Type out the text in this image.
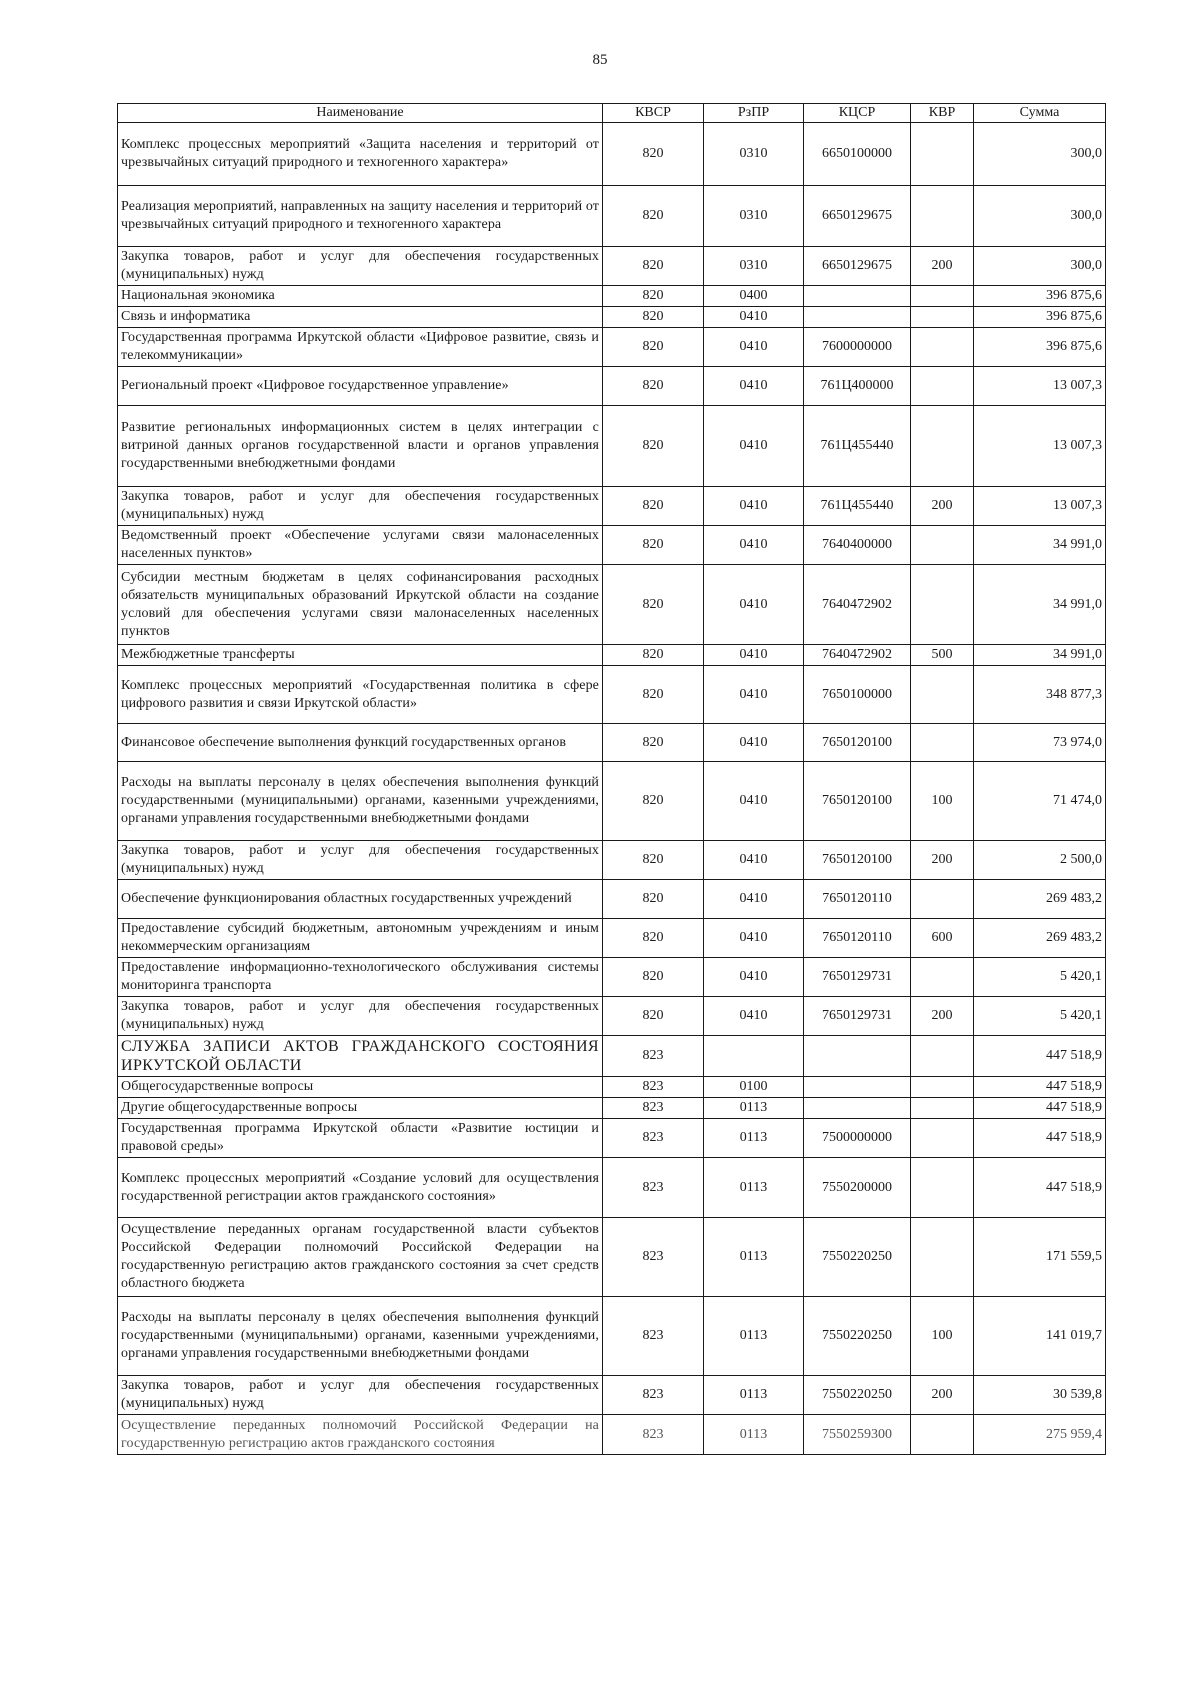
85
Наименование	КВСР	РзПР	КЦСР	КВР	Сумма
Комплекс процессных мероприятий «Защита населения и территорий от чрезвычайных ситуаций природного и техногенного характера»	820	0310	6650100000		300,0
Реализация мероприятий, направленных на защиту населения и территорий от чрезвычайных ситуаций природного и техногенного характера	820	0310	6650129675		300,0
Закупка товаров, работ и услуг для обеспечения государственных (муниципальных) нужд	820	0310	6650129675	200	300,0
Национальная экономика	820	0400			396 875,6
Связь и информатика	820	0410			396 875,6
Государственная программа Иркутской области «Цифровое развитие, связь и телекоммуникации»	820	0410	7600000000		396 875,6
Региональный проект «Цифровое государственное управление»	820	0410	761Ц400000		13 007,3
Развитие региональных информационных систем в целях интеграции с витриной данных органов государственной власти и органов управления государственными внебюджетными фондами	820	0410	761Ц455440		13 007,3
Закупка товаров, работ и услуг для обеспечения государственных (муниципальных) нужд	820	0410	761Ц455440	200	13 007,3
Ведомственный проект «Обеспечение услугами связи малонаселенных населенных пунктов»	820	0410	7640400000		34 991,0
Субсидии местным бюджетам в целях софинансирования расходных обязательств муниципальных образований Иркутской области на создание условий для обеспечения услугами связи малонаселенных населенных пунктов	820	0410	7640472902		34 991,0
Межбюджетные трансферты	820	0410	7640472902	500	34 991,0
Комплекс процессных мероприятий «Государственная политика в сфере цифрового развития и связи Иркутской области»	820	0410	7650100000		348 877,3
Финансовое обеспечение выполнения функций государственных органов	820	0410	7650120100		73 974,0
Расходы на выплаты персоналу в целях обеспечения выполнения функций государственными (муниципальными) органами, казенными учреждениями, органами управления государственными внебюджетными фондами	820	0410	7650120100	100	71 474,0
Закупка товаров, работ и услуг для обеспечения государственных (муниципальных) нужд	820	0410	7650120100	200	2 500,0
Обеспечение функционирования областных государственных учреждений	820	0410	7650120110		269 483,2
Предоставление субсидий бюджетным, автономным учреждениям и иным некоммерческим организациям	820	0410	7650120110	600	269 483,2
Предоставление информационно-технологического обслуживания системы мониторинга транспорта	820	0410	7650129731		5 420,1
Закупка товаров, работ и услуг для обеспечения государственных (муниципальных) нужд	820	0410	7650129731	200	5 420,1
СЛУЖБА ЗАПИСИ АКТОВ ГРАЖДАНСКОГО СОСТОЯНИЯ ИРКУТСКОЙ ОБЛАСТИ	823				447 518,9
Общегосударственные вопросы	823	0100			447 518,9
Другие общегосударственные вопросы	823	0113			447 518,9
Государственная программа Иркутской области «Развитие юстиции и правовой среды»	823	0113	7500000000		447 518,9
Комплекс процессных мероприятий «Создание условий для осуществления государственной регистрации актов гражданского состояния»	823	0113	7550200000		447 518,9
Осуществление переданных органам государственной власти субъектов Российской Федерации полномочий Российской Федерации на государственную регистрацию актов гражданского состояния за счет средств областного бюджета	823	0113	7550220250		171 559,5
Расходы на выплаты персоналу в целях обеспечения выполнения функций государственными (муниципальными) органами, казенными учреждениями, органами управления государственными внебюджетными фондами	823	0113	7550220250	100	141 019,7
Закупка товаров, работ и услуг для обеспечения государственных (муниципальных) нужд	823	0113	7550220250	200	30 539,8
Осуществление переданных полномочий Российской Федерации на государственную регистрацию актов гражданского состояния	823	0113	7550259300		275 959,4
